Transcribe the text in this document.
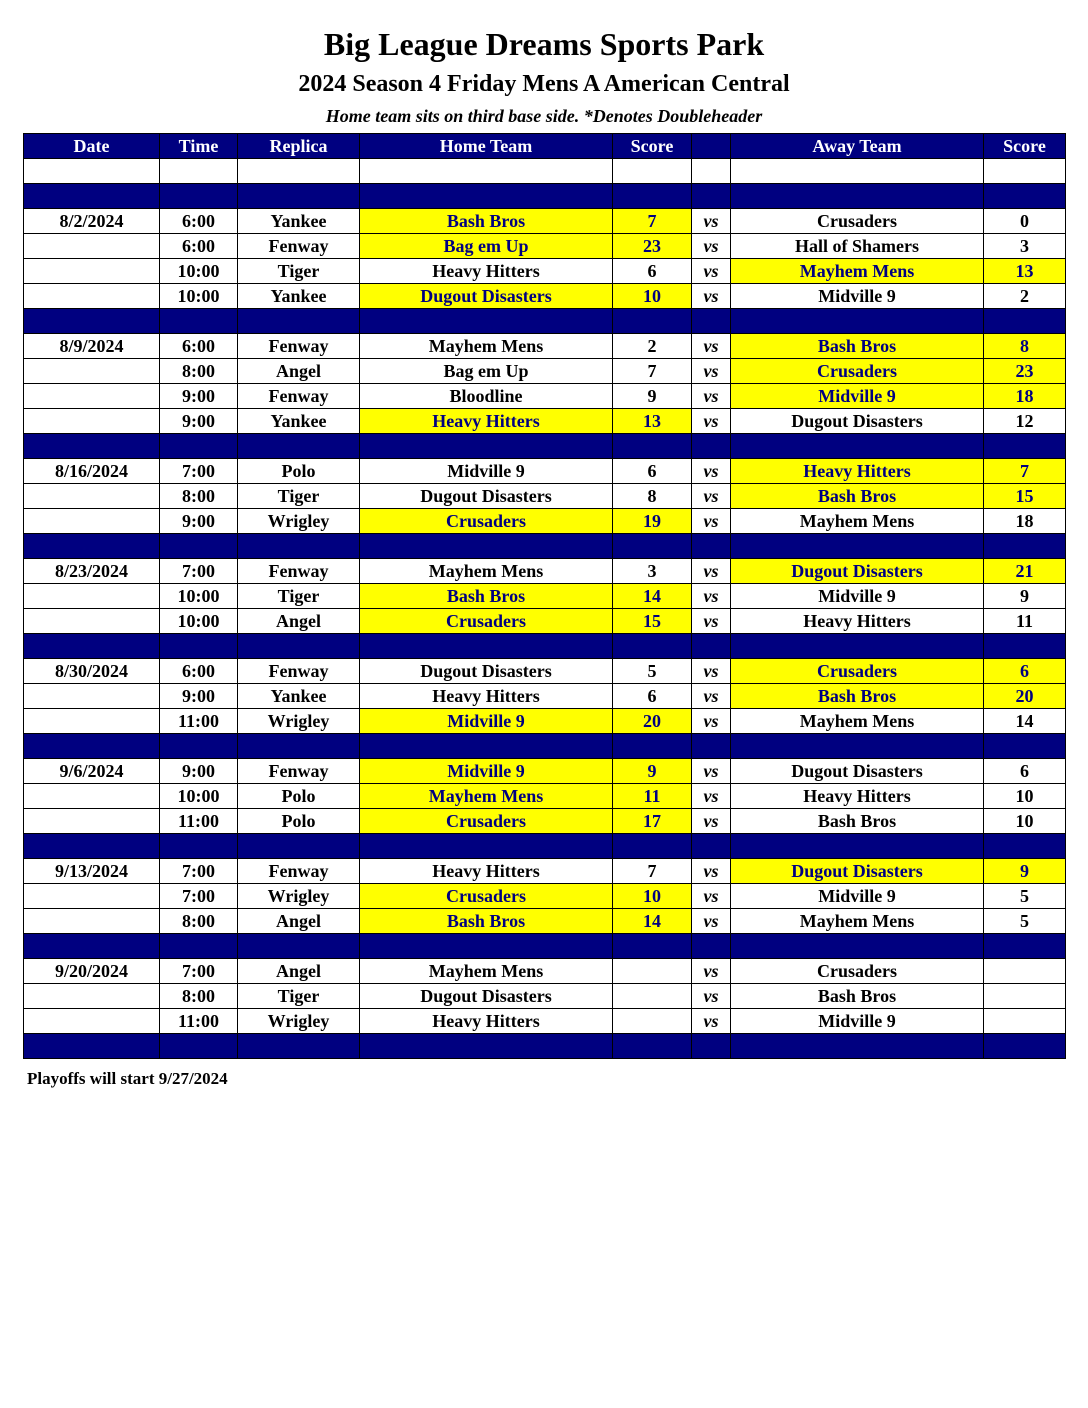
Big League Dreams Sports Park
2024 Season 4 Friday Mens A American Central
Home team sits on third base side. *Denotes Doubleheader
Date	Time	Replica	Home Team	Score		Away Team	Score

8/2/2024	6:00	Yankee	Bash Bros	7	vs	Crusaders	0
	6:00	Fenway	Bag em Up	23	vs	Hall of Shamers	3
	10:00	Tiger	Heavy Hitters	6	vs	Mayhem Mens	13
	10:00	Yankee	Dugout Disasters	10	vs	Midville 9	2

8/9/2024	6:00	Fenway	Mayhem Mens	2	vs	Bash Bros	8
	8:00	Angel	Bag em Up	7	vs	Crusaders	23
	9:00	Fenway	Bloodline	9	vs	Midville 9	18
	9:00	Yankee	Heavy Hitters	13	vs	Dugout Disasters	12

8/16/2024	7:00	Polo	Midville 9	6	vs	Heavy Hitters	7
	8:00	Tiger	Dugout Disasters	8	vs	Bash Bros	15
	9:00	Wrigley	Crusaders	19	vs	Mayhem Mens	18

8/23/2024	7:00	Fenway	Mayhem Mens	3	vs	Dugout Disasters	21
	10:00	Tiger	Bash Bros	14	vs	Midville 9	9
	10:00	Angel	Crusaders	15	vs	Heavy Hitters	11

8/30/2024	6:00	Fenway	Dugout Disasters	5	vs	Crusaders	6
	9:00	Yankee	Heavy Hitters	6	vs	Bash Bros	20
	11:00	Wrigley	Midville 9	20	vs	Mayhem Mens	14

9/6/2024	9:00	Fenway	Midville 9	9	vs	Dugout Disasters	6
	10:00	Polo	Mayhem Mens	11	vs	Heavy Hitters	10
	11:00	Polo	Crusaders	17	vs	Bash Bros	10

9/13/2024	7:00	Fenway	Heavy Hitters	7	vs	Dugout Disasters	9
	7:00	Wrigley	Crusaders	10	vs	Midville 9	5
	8:00	Angel	Bash Bros	14	vs	Mayhem Mens	5

9/20/2024	7:00	Angel	Mayhem Mens		vs	Crusaders	
	8:00	Tiger	Dugout Disasters		vs	Bash Bros	
	11:00	Wrigley	Heavy Hitters		vs	Midville 9	

Playoffs will start 9/27/2024
